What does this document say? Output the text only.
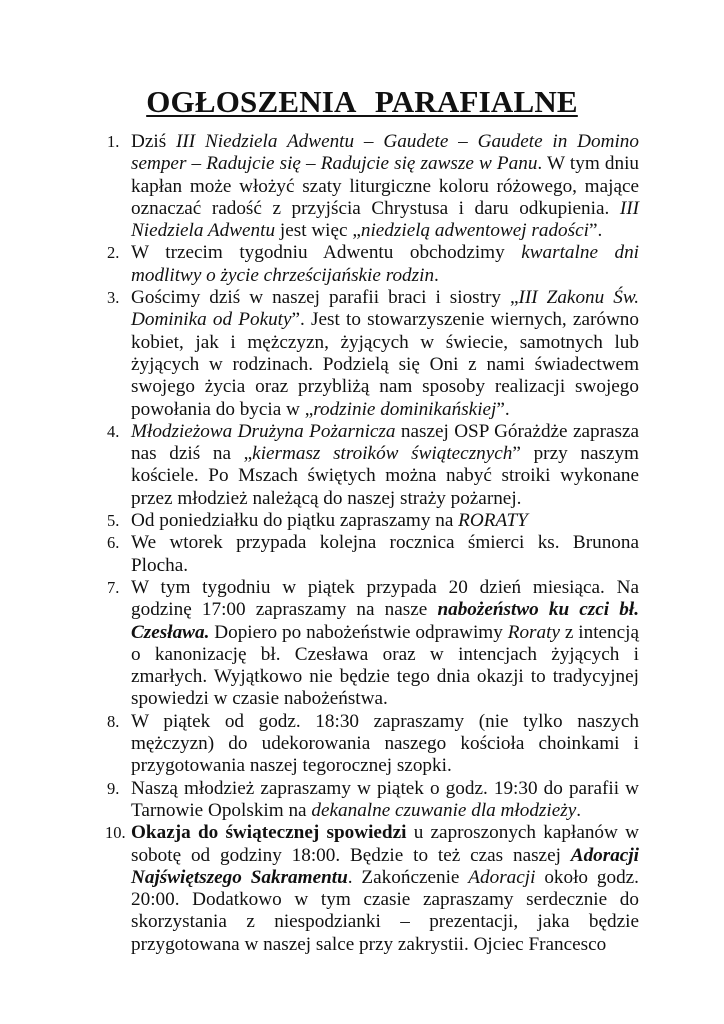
OGŁOSZENIA PARAFIALNE
1. Dziś III Niedziela Adwentu – Gaudete – Gaudete in Domino semper – Radujcie się – Radujcie się zawsze w Panu. W tym dniu kapłan może włożyć szaty liturgiczne koloru różowego, mające oznaczać radość z przyjścia Chrystusa i daru odkupienia. III Niedziela Adwentu jest więc „niedzielą adwentowej radości”.
2. W trzecim tygodniu Adwentu obchodzimy kwartalne dni modlitwy o życie chrześcijańskie rodzin.
3. Gościmy dziś w naszej parafii braci i siostry „III Zakonu Św. Dominika od Pokuty”. Jest to stowarzyszenie wiernych, zarówno kobiet, jak i mężczyzn, żyjących w świecie, samotnych lub żyjących w rodzinach. Podzielą się Oni z nami świadectwem swojego życia oraz przybliżą nam sposoby realizacji swojego powołania do bycia w „rodzinie dominikańskiej”.
4. Młodzieżowa Drużyna Pożarnicza naszej OSP Górażdże zaprasza nas dziś na „kiermasz stroików świątecznych” przy naszym kościele. Po Mszach świętych można nabyć stroiki wykonane przez młodzież należącą do naszej straży pożarnej.
5. Od poniedziałku do piątku zapraszamy na RORATY
6. We wtorek przypada kolejna rocznica śmierci ks. Brunona Plocha.
7. W tym tygodniu w piątek przypada 20 dzień miesiąca. Na godzinę 17:00 zapraszamy na nasze nabożeństwo ku czci bł. Czesława. Dopiero po nabożeństwie odprawimy Roraty z intencją o kanonizację bł. Czesława oraz w intencjach żyjących i zmarłych. Wyjątkowo nie będzie tego dnia okazji to tradycyjnej spowiedzi w czasie nabożeństwa.
8. W piątek od godz. 18:30 zapraszamy (nie tylko naszych mężczyzn) do udekorowania naszego kościoła choinkami i przygotowania naszej tegorocznej szopki.
9. Naszą młodzież zapraszamy w piątek o godz. 19:30 do parafii w Tarnowie Opolskim na dekanalne czuwanie dla młodzieży.
10. Okazja do świątecznej spowiedzi u zaproszonych kapłanów w sobotę od godziny 18:00. Będzie to też czas naszej Adoracji Najświętszego Sakramentu. Zakończenie Adoracji około godz. 20:00. Dodatkowo w tym czasie zapraszamy serdecznie do skorzystania z niespodzianki – prezentacji, jaka będzie przygotowana w naszej salce przy zakrystii. Ojciec Francesco
